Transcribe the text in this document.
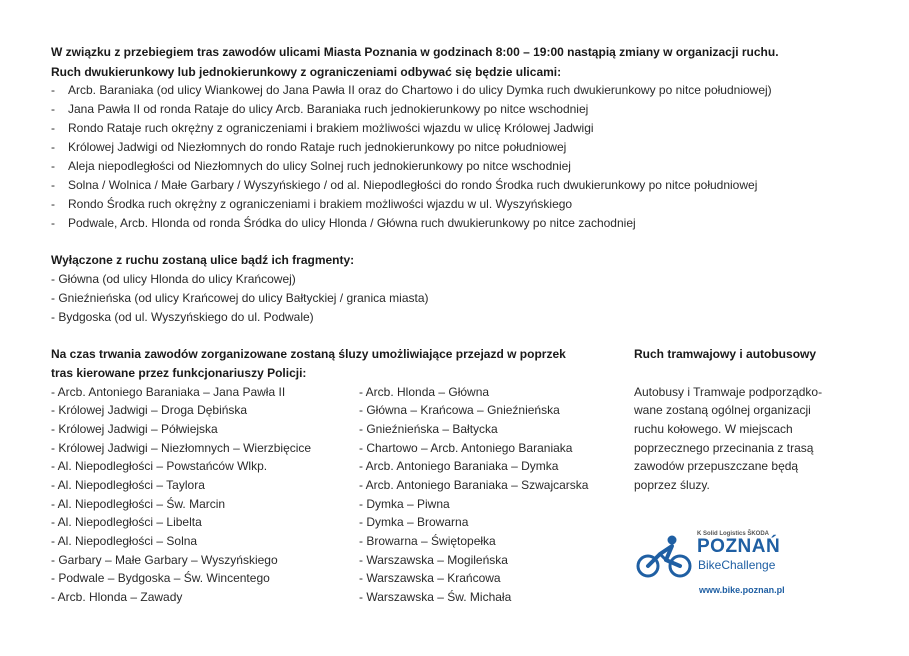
W związku z przebiegiem tras zawodów ulicami Miasta Poznania w godzinach 8:00 – 19:00 nastąpią zmiany w organizacji ruchu.
Ruch dwukierunkowy lub jednokierunkowy z ograniczeniami odbywać się będzie ulicami:
- Arcb. Baraniaka (od ulicy Wiankowej do Jana Pawła II oraz do Chartowo i do ulicy Dymka ruch dwukierunkowy po nitce południowej)
- Jana Pawła II od ronda Rataje do ulicy Arcb. Baraniaka ruch jednokierunkowy po nitce wschodniej
- Rondo Rataje ruch okrężny z ograniczeniami i brakiem możliwości wjazdu w ulicę Królowej Jadwigi
- Królowej Jadwigi od Niezłomnych do rondo Rataje ruch jednokierunkowy po nitce południowej
- Aleja niepodległości od Niezłomnych do ulicy Solnej ruch jednokierunkowy po nitce wschodniej
- Solna / Wolnica / Małe Garbary / Wyszyńskiego / od al. Niepodległości do rondo Środka ruch dwukierunkowy po nitce południowej
- Rondo Środka ruch okrężny z ograniczeniami i brakiem możliwości wjazdu w ul. Wyszyńskiego
- Podwale, Arcb. Hlonda od ronda Śródka do ulicy Hlonda / Główna ruch dwukierunkowy po nitce zachodniej
Wyłączone z ruchu zostaną ulice bądź ich fragmenty:
- Główna (od ulicy Hlonda do ulicy Krańcowej)
- Gnieźnieńska (od ulicy Krańcowej do ulicy Bałtyckiej / granica miasta)
- Bydgoska (od ul. Wyszyńskiego do ul. Podwale)
Na czas trwania zawodów zorganizowane zostaną śluzy umożliwiające przejazd w poprzek
tras kierowane przez funkcjonariuszy Policji:
- Arcb. Antoniego Baraniaka – Jana Pawła II
- Królowej Jadwigi – Droga Dębińska
- Królowej Jadwigi – Półwiejska
- Królowej Jadwigi – Niezłomnych – Wierzbięcice
- Al. Niepodległości – Powstańców Wlkp.
- Al. Niepodległości – Taylora
- Al. Niepodległości – Św. Marcin
- Al. Niepodległości – Libelta
- Al. Niepodległości – Solna
- Garbary – Małe Garbary – Wyszyńskiego
- Podwale – Bydgoska – Św. Wincentego
- Arcb. Hlonda – Zawady
- Arcb. Hlonda – Główna
- Główna – Krańcowa – Gnieźnieńska
- Gnieźnieńska – Bałtycka
- Chartowo – Arcb. Antoniego Baraniaka
- Arcb. Antoniego Baraniaka – Dymka
- Arcb. Antoniego Baraniaka – Szwajcarska
- Dymka – Piwna
- Dymka – Browarna
- Browarna – Świętopełka
- Warszawska – Mogileńska
- Warszawska – Krańcowa
- Warszawska – Św. Michała
Ruch tramwajowy i autobusowy
Autobusy i Tramwaje podporządko-
wane zostaną ogólnej organizacji
ruchu kołowego. W miejscach
poprzecznego przecinania z trasą
zawodów przepuszczane będą
poprzez śluzy.
K Solid Logistics ŠKODA
POZNAŃ
BikeChallenge
www.bike.poznan.pl
